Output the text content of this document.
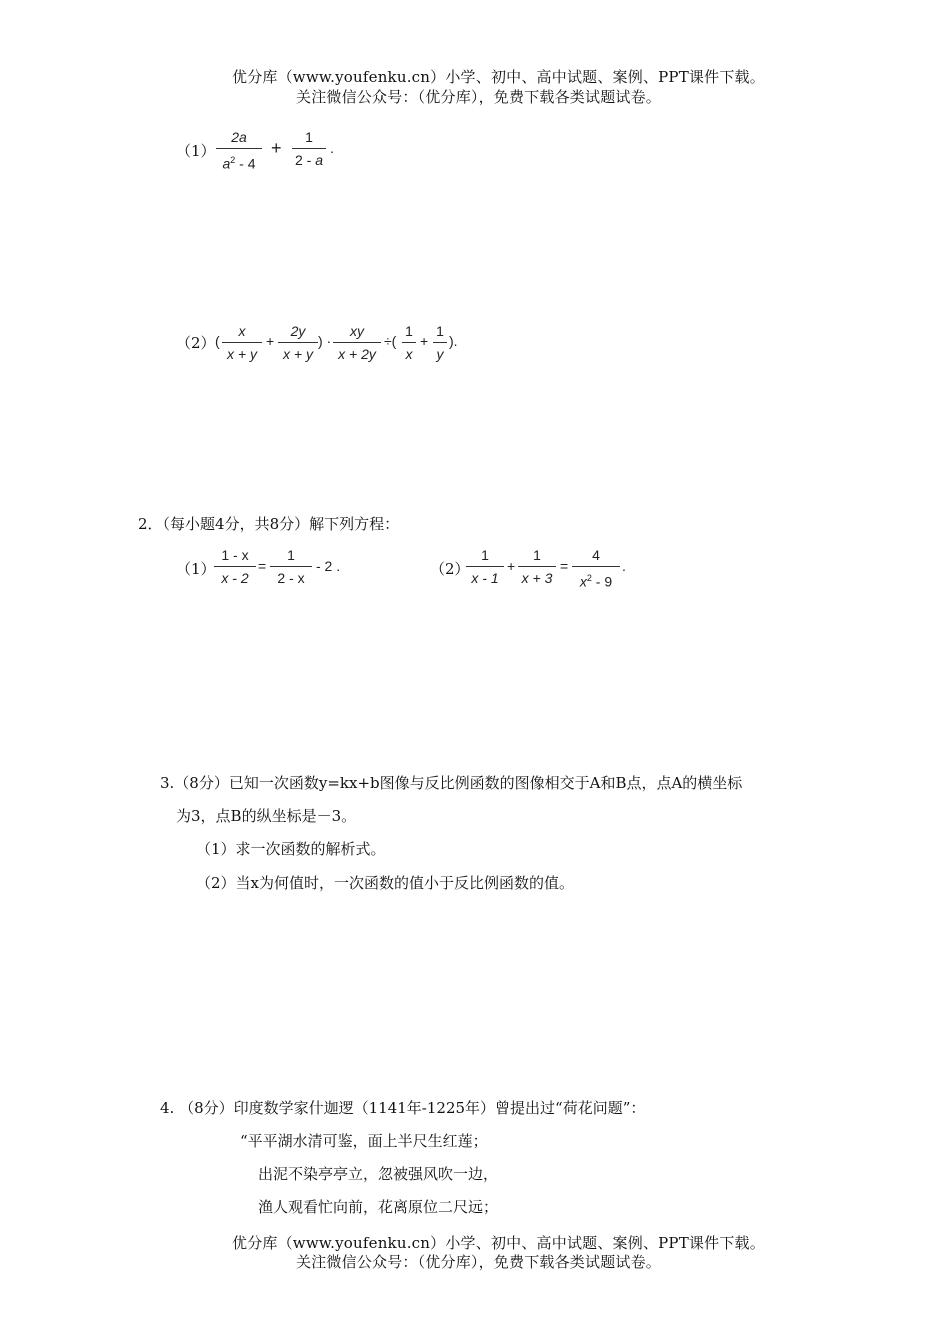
优分库（www.youfenku.cn）小学、初中、高中试题、案例、PPT课件下载。
关注微信公众号：（优分库），免费下载各类试题试卷。
（1）
2a
$a^2 - 4$
+
1
2 - a
.
（2） (
x
x + y
+
2y
x + y
) ·
xy
x + 2y
÷(
1
x
+
1
y
).
2．（每小题4分，共8分）解下列方程：
（1）
1 - x
x - 2
=
1
2 - x
- 2 .	（2）
1
x - 1
+
1
x + 3
=
4
$x^2 - 9$
.
3.（8分）已知一次函数y=kx+b图像与反比例函数的图像相交于A和B点，点A的横坐标
为3，点B的纵坐标是－3。
（1）求一次函数的解析式。
（2）当x为何值时，一次函数的值小于反比例函数的值。
4. （8分）印度数学家什迦逻（1141年-1225年）曾提出过“荷花问题”：
“平平湖水清可鉴，面上半尺生红莲；
出泥不染亭亭立，忽被强风吹一边，
渔人观看忙向前，花离原位二尺远；
优分库（www.youfenku.cn）小学、初中、高中试题、案例、PPT课件下载。
关注微信公众号：（优分库），免费下载各类试题试卷。
